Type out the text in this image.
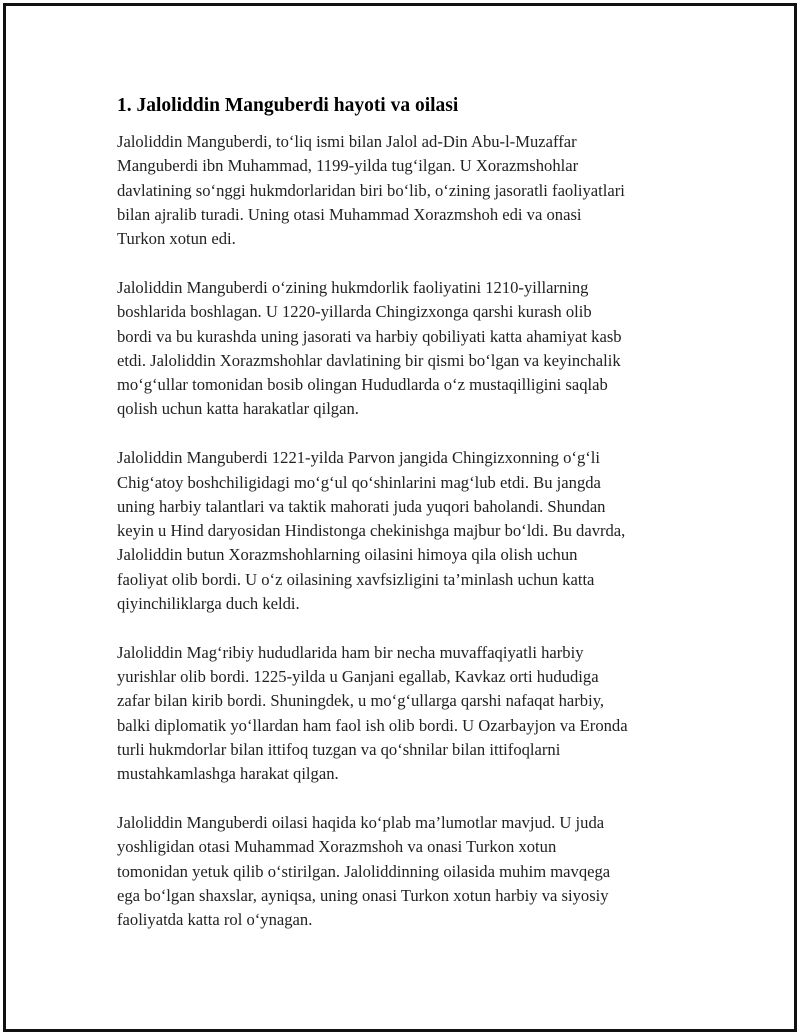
1. Jaloliddin Manguberdi hayoti va oilasi

Jaloliddin Manguberdi, to‘liq ismi bilan Jalol ad-Din Abu-l-Muzaffar
Manguberdi ibn Muhammad, 1199-yilda tug‘ilgan. U Xorazmshohlar
davlatining so‘nggi hukmdorlaridan biri bo‘lib, o‘zining jasoratli faoliyatlari
bilan ajralib turadi. Uning otasi Muhammad Xorazmshoh edi va onasi
Turkon xotun edi.

Jaloliddin Manguberdi o‘zining hukmdorlik faoliyatini 1210-yillarning
boshlarida boshlagan. U 1220-yillarda Chingizxonga qarshi kurash olib
bordi va bu kurashda uning jasorati va harbiy qobiliyati katta ahamiyat kasb
etdi. Jaloliddin Xorazmshohlar davlatining bir qismi bo‘lgan va keyinchalik
mo‘g‘ullar tomonidan bosib olingan Hududlarda o‘z mustaqilligini saqlab
qolish uchun katta harakatlar qilgan.

Jaloliddin Manguberdi 1221-yilda Parvon jangida Chingizxonning o‘g‘li
Chig‘atoy boshchiligidagi mo‘g‘ul qo‘shinlarini mag‘lub etdi. Bu jangda
uning harbiy talantlari va taktik mahorati juda yuqori baholandi. Shundan
keyin u Hind daryosidan Hindistonga chekinishga majbur bo‘ldi. Bu davrda,
Jaloliddin butun Xorazmshohlarning oilasini himoya qila olish uchun
faoliyat olib bordi. U o‘z oilasining xavfsizligini ta’minlash uchun katta
qiyinchiliklarga duch keldi.

Jaloliddin Mag‘ribiy hududlarida ham bir necha muvaffaqiyatli harbiy
yurishlar olib bordi. 1225-yilda u Ganjani egallab, Kavkaz orti hududiga
zafar bilan kirib bordi. Shuningdek, u mo‘g‘ullarga qarshi nafaqat harbiy,
balki diplomatik yo‘llardan ham faol ish olib bordi. U Ozarbayjon va Eronda
turli hukmdorlar bilan ittifoq tuzgan va qo‘shnilar bilan ittifoqlarni
mustahkamlashga harakat qilgan.

Jaloliddin Manguberdi oilasi haqida ko‘plab ma’lumotlar mavjud. U juda
yoshligidan otasi Muhammad Xorazmshoh va onasi Turkon xotun
tomonidan yetuk qilib o‘stirilgan. Jaloliddinning oilasida muhim mavqega
ega bo‘lgan shaxslar, ayniqsa, uning onasi Turkon xotun harbiy va siyosiy
faoliyatda katta rol o‘ynagan.
